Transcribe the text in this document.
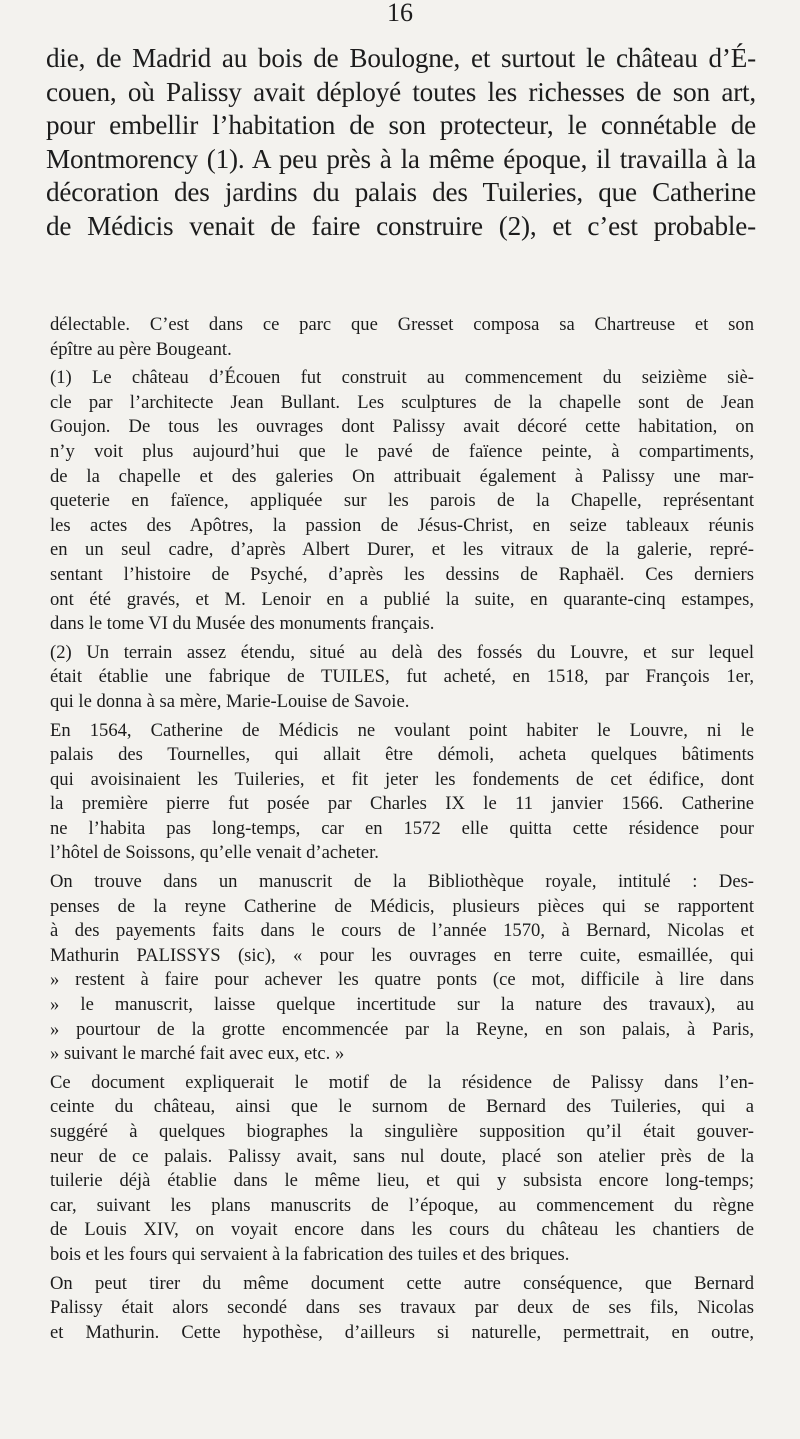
16
die, de Madrid au bois de Boulogne, et surtout le château d’É-
couen, où Palissy avait déployé toutes les richesses de son art,
pour embellir l’habitation de son protecteur, le connétable de
Montmorency (1). A peu près à la même époque, il travailla à la
décoration des jardins du palais des Tuileries, que Catherine
de Médicis venait de faire construire (2), et c’est probable-
délectable. C’est dans ce parc que Gresset composa sa Chartreuse et son
épître au père Bougeant.
(1) Le château d’Écouen fut construit au commencement du seizième siè-
cle par l’architecte Jean Bullant. Les sculptures de la chapelle sont de Jean
Goujon. De tous les ouvrages dont Palissy avait décoré cette habitation, on
n’y voit plus aujourd’hui que le pavé de faïence peinte, à compartiments,
de la chapelle et des galeries On attribuait également à Palissy une mar-
queterie en faïence, appliquée sur les parois de la Chapelle, représentant
les actes des Apôtres, la passion de Jésus-Christ, en seize tableaux réunis
en un seul cadre, d’après Albert Durer, et les vitraux de la galerie, repré-
sentant l’histoire de Psyché, d’après les dessins de Raphaël. Ces derniers
ont été gravés, et M. Lenoir en a publié la suite, en quarante-cinq estampes,
dans le tome VI du Musée des monuments français.
(2) Un terrain assez étendu, situé au delà des fossés du Louvre, et sur lequel
était établie une fabrique de TUILES, fut acheté, en 1518, par François 1er,
qui le donna à sa mère, Marie-Louise de Savoie.
En 1564, Catherine de Médicis ne voulant point habiter le Louvre, ni le
palais des Tournelles, qui allait être démoli, acheta quelques bâtiments
qui avoisinaient les Tuileries, et fit jeter les fondements de cet édifice, dont
la première pierre fut posée par Charles IX le 11 janvier 1566. Catherine
ne l’habita pas long-temps, car en 1572 elle quitta cette résidence pour
l’hôtel de Soissons, qu’elle venait d’acheter.
On trouve dans un manuscrit de la Bibliothèque royale, intitulé : Des-
penses de la reyne Catherine de Médicis, plusieurs pièces qui se rapportent
à des payements faits dans le cours de l’année 1570, à Bernard, Nicolas et
Mathurin PALISSYS (sic), « pour les ouvrages en terre cuite, esmaillée, qui
» restent à faire pour achever les quatre ponts (ce mot, difficile à lire dans
» le manuscrit, laisse quelque incertitude sur la nature des travaux), au
» pourtour de la grotte encommencée par la Reyne, en son palais, à Paris,
» suivant le marché fait avec eux, etc. »
Ce document expliquerait le motif de la résidence de Palissy dans l’en-
ceinte du château, ainsi que le surnom de Bernard des Tuileries, qui a
suggéré à quelques biographes la singulière supposition qu’il était gouver-
neur de ce palais. Palissy avait, sans nul doute, placé son atelier près de la
tuilerie déjà établie dans le même lieu, et qui y subsista encore long-temps;
car, suivant les plans manuscrits de l’époque, au commencement du règne
de Louis XIV, on voyait encore dans les cours du château les chantiers de
bois et les fours qui servaient à la fabrication des tuiles et des briques.
On peut tirer du même document cette autre conséquence, que Bernard
Palissy était alors secondé dans ses travaux par deux de ses fils, Nicolas
et Mathurin. Cette hypothèse, d’ailleurs si naturelle, permettrait, en outre,
